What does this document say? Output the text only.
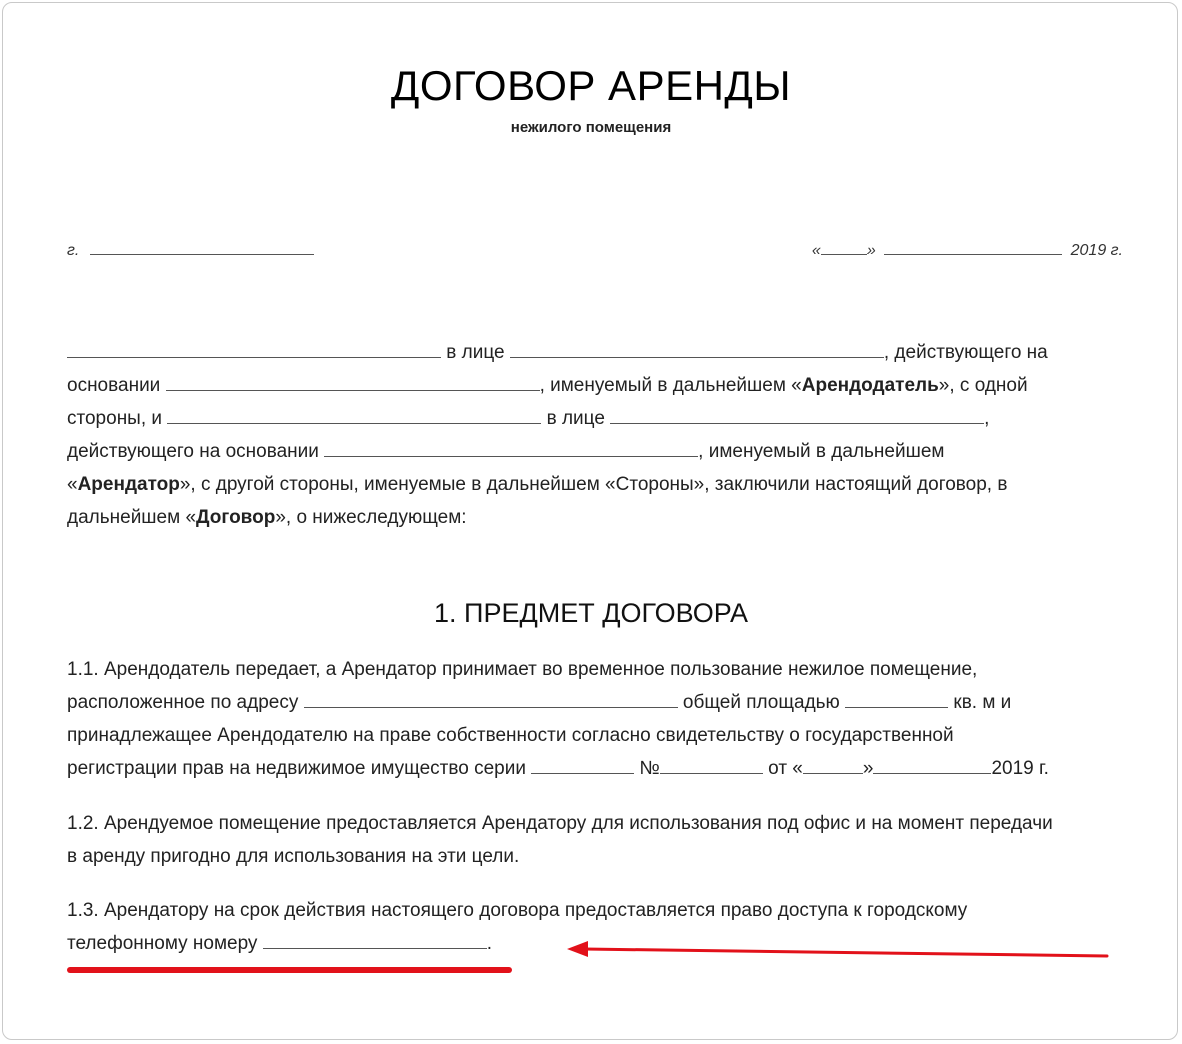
ДОГОВОР АРЕНДЫ
нежилого помещения
г.	«	»	2019 г.
в лице	, действующего на
основании	, именуемый в дальнейшем «Арендодатель», с одной
стороны, и	в лице	,
действующего на основании	, именуемый в дальнейшем
«Арендатор», с другой стороны, именуемые в дальнейшем «Стороны», заключили настоящий договор, в
дальнейшем «Договор», о нижеследующем:
1. ПРЕДМЕТ ДОГОВОРА
1.1. Арендодатель передает, а Арендатор принимает во временное пользование нежилое помещение,
расположенное по адресу	общей площадью	кв. м и
принадлежащее Арендодателю на праве собственности согласно свидетельству о государственной
регистрации прав на недвижимое имущество серии	№	от «	»	2019 г.
1.2. Арендуемое помещение предоставляется Арендатору для использования под офис и на момент передачи в аренду пригодно для использования на эти цели.
1.3. Арендатору на срок действия настоящего договора предоставляется право доступа к городскому
телефонному номеру	.
